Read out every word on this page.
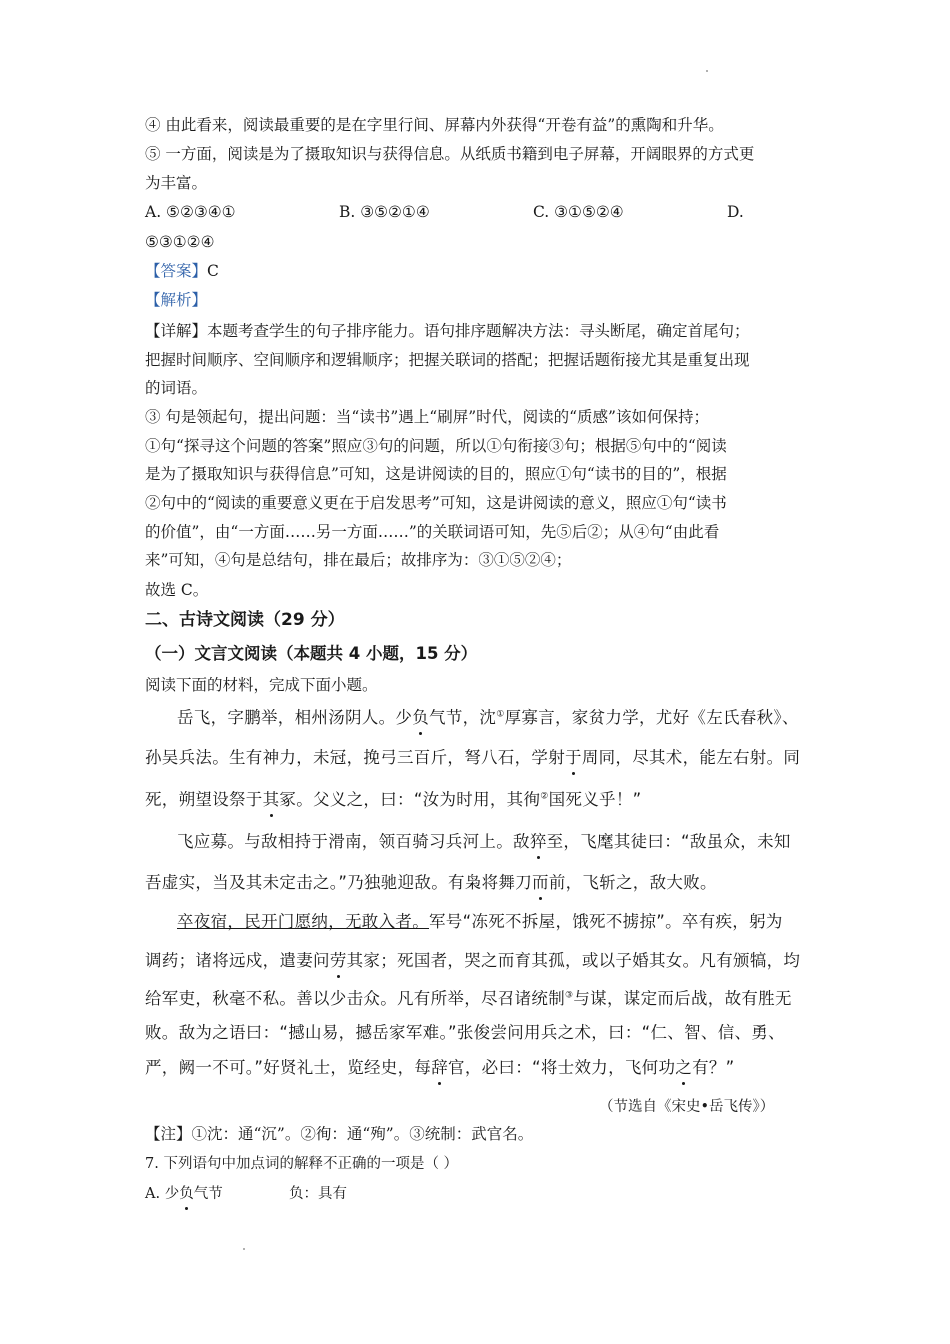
④ 由此看来，阅读最重要的是在字里行间、屏幕内外获得“开卷有益”的熏陶和升华。
⑤ 一方面，阅读是为了摄取知识与获得信息。从纸质书籍到电子屏幕，开阔眼界的方式更
为丰富。
A. ⑤②③④①	B. ③⑤②①④	C. ③①⑤②④	D.
⑤③①②④
【答案】C
【解析】
【详解】本题考查学生的句子排序能力。语句排序题解决方法：寻头断尾，确定首尾句；
把握时间顺序、空间顺序和逻辑顺序；把握关联词的搭配；把握话题衔接尤其是重复出现
的词语。
③ 句是领起句，提出问题：当“读书”遇上“刷屏”时代，阅读的“质感”该如何保持；
①句“探寻这个问题的答案”照应③句的问题，所以①句衔接③句；根据⑤句中的“阅读
是为了摄取知识与获得信息”可知，这是讲阅读的目的，照应①句“读书的目的”，根据
②句中的“阅读的重要意义更在于启发思考”可知，这是讲阅读的意义，照应①句“读书
的价值”，由“一方面……另一方面……”的关联词语可知，先⑤后②；从④句“由此看
来”可知，④句是总结句，排在最后；故排序为：③①⑤②④；
故选 C。
二、古诗文阅读（29 分）
（一）文言文阅读（本题共 4 小题，15 分）
阅读下面的材料，完成下面小题。
岳飞，字鹏举，相州汤阴人。少负气节，沈①厚寡言，家贫力学，尤好《左氏春秋》、
孙吴兵法。生有神力，未冠，挽弓三百斤，弩八石，学射于周同，尽其术，能左右射。同
死，朔望设祭于其冢。父义之，曰：“汝为时用，其徇②国死义乎！”
飞应募。与敌相持于滑南，领百骑习兵河上。敌猝至，飞麾其徒曰：“敌虽众，未知
吾虚实，当及其未定击之。”乃独驰迎敌。有枭将舞刀而前，飞斩之，敌大败。
卒夜宿，民开门愿纳，无敢入者。军号“冻死不拆屋，饿死不掳掠”。卒有疾，躬为
调药；诸将远戍，遣妻问劳其家；死国者，哭之而育其孤，或以子婚其女。凡有颁犒，均
给军吏，秋毫不私。善以少击众。凡有所举，尽召诸统制③与谋，谋定而后战，故有胜无
败。敌为之语曰：“撼山易，撼岳家军难。”张俊尝问用兵之术，曰：“仁、智、信、勇、
严，阙一不可。”好贤礼士，览经史，每辞官，必曰：“将士效力，飞何功之有？”
（节选自《宋史•岳飞传》）
【注】①沈：通“沉”。②徇：通“殉”。③统制：武官名。
7. 下列语句中加点词的解释不正确的一项是（ ）
A. 少负气节	负：具有
